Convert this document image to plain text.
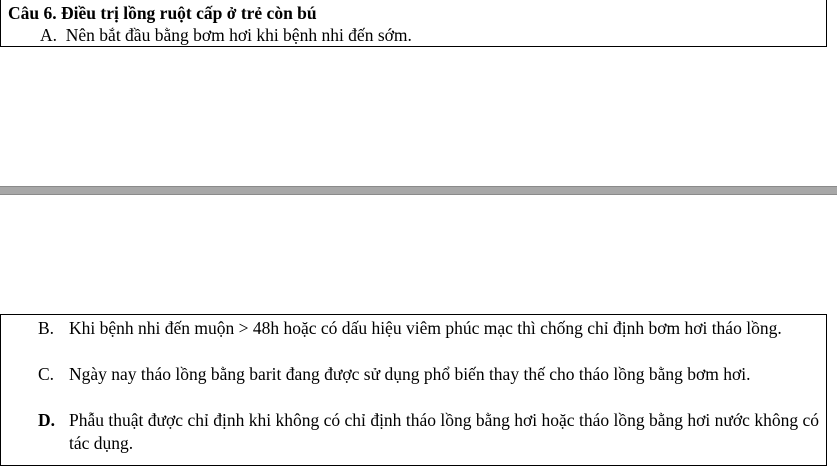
Câu 6. Điều trị lồng ruột cấp ở trẻ còn bú
A. Nên bắt đầu bằng bơm hơi khi bệnh nhi đến sớm.
B. Khi bệnh nhi đến muộn > 48h hoặc có dấu hiệu viêm phúc mạc thì chống chỉ định bơm hơi tháo lồng.
C. Ngày nay tháo lồng bằng barit đang được sử dụng phổ biến thay thế cho tháo lồng bằng bơm hơi.
D. Phẫu thuật được chỉ định khi không có chỉ định tháo lồng bằng hơi hoặc tháo lồng bằng hơi nước không có tác dụng.
